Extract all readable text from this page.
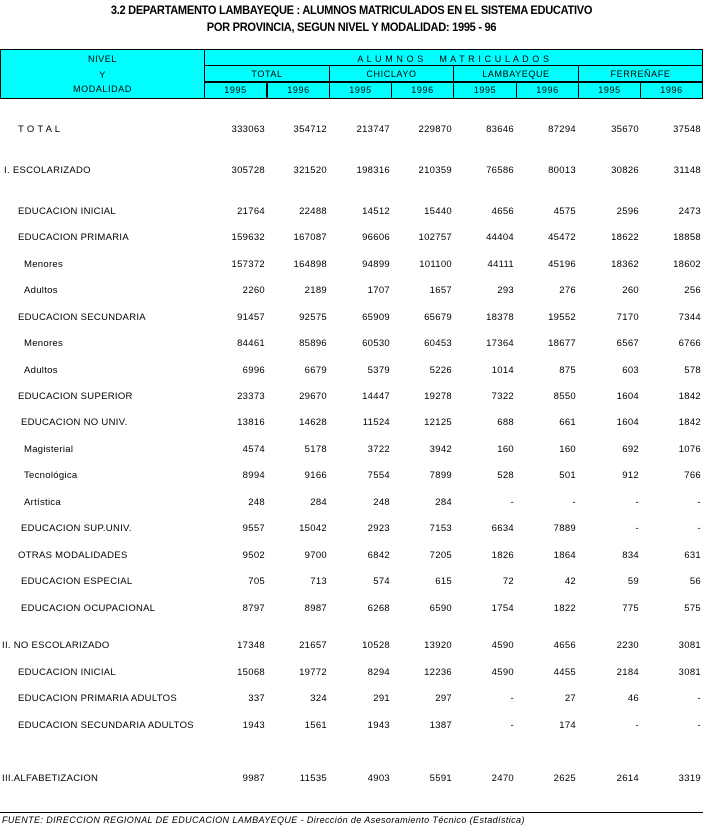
3.2 DEPARTAMENTO LAMBAYEQUE : ALUMNOS MATRICULADOS EN EL SISTEMA EDUCATIVO
POR PROVINCIA, SEGUN NIVEL Y MODALIDAD: 1995 - 96
NIVEL
Y
MODALIDAD
A L U M N O S     M A T R I C U L A D O S
TOTAL	CHICLAYO	LAMBAYEQUE	FERREÑAFE
1995	1996	1995	1996	1995	1996	1995	1996
T O T A L	333063	354712	213747	229870	83646	87294	35670	37548
I. ESCOLARIZADO	305728	321520	198316	210359	76586	80013	30826	31148
EDUCACION INICIAL	21764	22488	14512	15440	4656	4575	2596	2473
EDUCACION PRIMARIA	159632	167087	96606	102757	44404	45472	18622	18858
Menores	157372	164898	94899	101100	44111	45196	18362	18602
Adultos	2260	2189	1707	1657	293	276	260	256
EDUCACION SECUNDARIA	91457	92575	65909	65679	18378	19552	7170	7344
Menores	84461	85896	60530	60453	17364	18677	6567	6766
Adultos	6996	6679	5379	5226	1014	875	603	578
EDUCACION SUPERIOR	23373	29670	14447	19278	7322	8550	1604	1842
EDUCACION NO UNIV.	13816	14628	11524	12125	688	661	1604	1842
Magisterial	4574	5178	3722	3942	160	160	692	1076
Tecnológica	8994	9166	7554	7899	528	501	912	766
Artística	248	284	248	284	-	-	-	-
EDUCACION SUP.UNIV.	9557	15042	2923	7153	6634	7889	-	-
OTRAS MODALIDADES	9502	9700	6842	7205	1826	1864	834	631
EDUCACION ESPECIAL	705	713	574	615	72	42	59	56
EDUCACION OCUPACIONAL	8797	8987	6268	6590	1754	1822	775	575
II. NO ESCOLARIZADO	17348	21657	10528	13920	4590	4656	2230	3081
EDUCACION INICIAL	15068	19772	8294	12236	4590	4455	2184	3081
EDUCACION PRIMARIA ADULTOS	337	324	291	297	-	27	46	-
EDUCACION SECUNDARIA ADULTOS	1943	1561	1943	1387	-	174	-	-
III.ALFABETIZACION	9987	11535	4903	5591	2470	2625	2614	3319
FUENTE: DIRECCION REGIONAL DE EDUCACION LAMBAYEQUE - Dirección de Asesoramiento Técnico (Estadística)
